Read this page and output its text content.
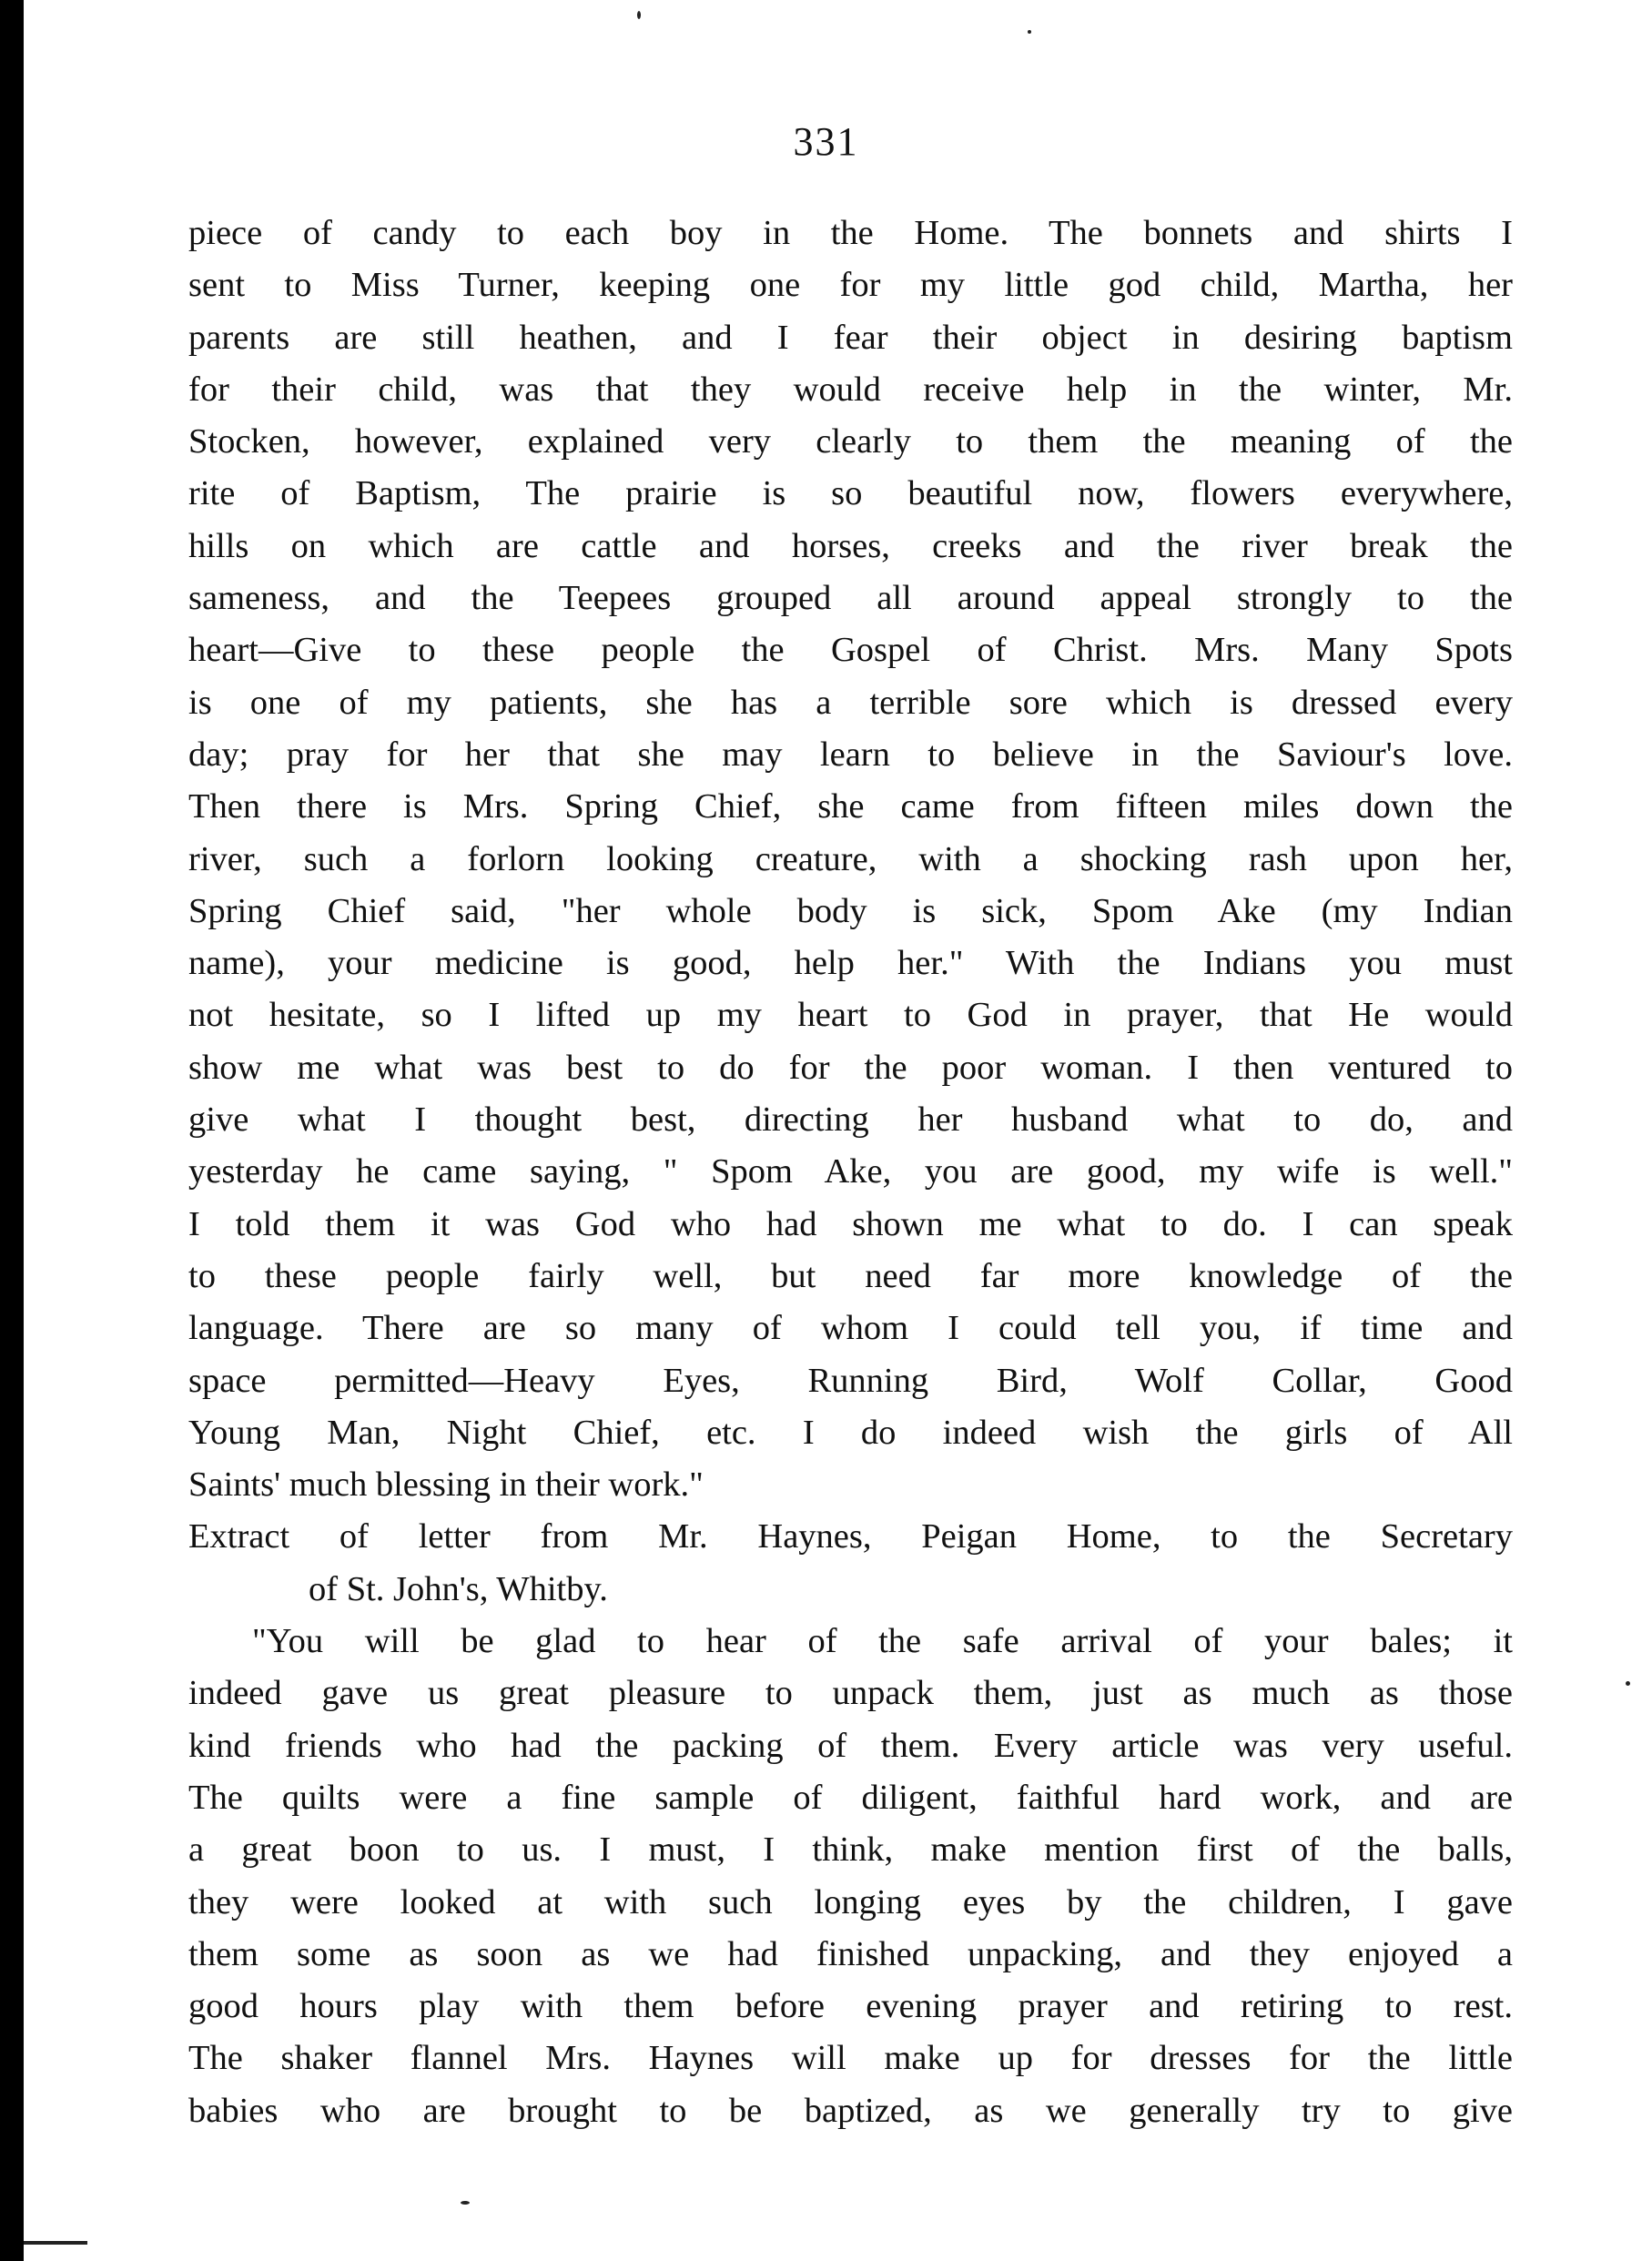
331
piece of candy to each boy in the Home. The bonnets and shirts I
sent to Miss Turner, keeping one for my little god child, Martha, her
parents are still heathen, and I fear their object in desiring baptism
for their child, was that they would receive help in the winter, Mr.
Stocken, however, explained very clearly to them the meaning of the
rite of Baptism, The prairie is so beautiful now, flowers everywhere,
hills on which are cattle and horses, creeks and the river break the
sameness, and the Teepees grouped all around appeal strongly to the
heart—Give to these people the Gospel of Christ. Mrs. Many Spots
is one of my patients, she has a terrible sore which is dressed every
day; pray for her that she may learn to believe in the Saviour's love.
Then there is Mrs. Spring Chief, she came from fifteen miles down the
river, such a forlorn looking creature, with a shocking rash upon her,
Spring Chief said, "her whole body is sick, Spom Ake (my Indian
name), your medicine is good, help her." With the Indians you must
not hesitate, so I lifted up my heart to God in prayer, that He would
show me what was best to do for the poor woman. I then ventured to
give what I thought best, directing her husband what to do, and
yesterday he came saying, " Spom Ake, you are good, my wife is well."
I told them it was God who had shown me what to do. I can speak
to these people fairly well, but need far more knowledge of the
language. There are so many of whom I could tell you, if time and
space permitted—Heavy Eyes, Running Bird, Wolf Collar, Good
Young Man, Night Chief, etc. I do indeed wish the girls of All
Saints' much blessing in their work."
Extract of letter from Mr. Haynes, Peigan Home, to the Secretary
of St. John's, Whitby.
"You will be glad to hear of the safe arrival of your bales; it
indeed gave us great pleasure to unpack them, just as much as those
kind friends who had the packing of them. Every article was very useful.
The quilts were a fine sample of diligent, faithful hard work, and are
a great boon to us. I must, I think, make mention first of the balls,
they were looked at with such longing eyes by the children, I gave
them some as soon as we had finished unpacking, and they enjoyed a
good hours play with them before evening prayer and retiring to rest.
The shaker flannel Mrs. Haynes will make up for dresses for the little
babies who are brought to be baptized, as we generally try to give
